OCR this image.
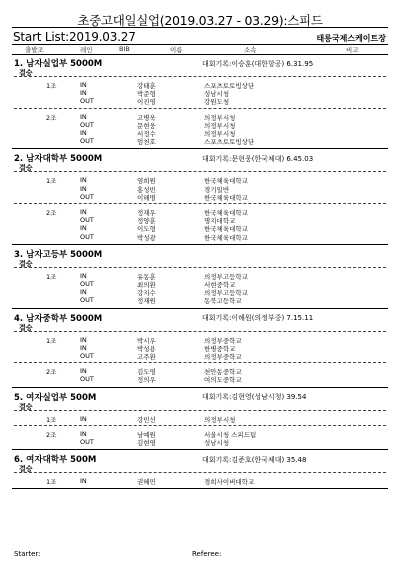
초중고대일실업(2019.03.27 - 03.29):스피드
Start List:2019.03.27	태릉국제스케이트장
출발조	레인	BIB	이름	소속	비고
1. 남자실업부 5000M	대회기록:이승훈(대한항공) 6.31.95
결승
1조	IN	강태훈	스포츠토토빙상단
IN	박준형	성남시청
OUT	이진영	강원도청
2조	IN	고병욱	의정부시청
OUT	문현웅	의정부시청
IN	서정수	의정부시청
OUT	엄천호	스포츠토토빙상단
2. 남자대학부 5000M	대회기록:문현웅(한국체대) 6.45.03
결승
1조	IN	염희원	한국체육대학교
IN	홍성빈	경기일반
OUT	이해명	한국체육대학교
2조	IN	정재우	한국체육대학교
OUT	정양훈	명지대학교
IN	이도형	한국체육대학교
OUT	박성광	한국체육대학교
3. 남자고등부 5000M
결승
1조	IN	유동훈	의정부고등학교
OUT	최의환	서현중학교
IN	강지수	의정부고등학교
OUT	정재원	동북고등학교
4. 남자중학부 5000M	대회기록:이해원(의정부중) 7.15.11
결승
1조	IN	박시우	의정부중학교
IN	박성용	한병중학교
OUT	고주환	의정부중학교
2조	IN	김도영	천안동중학교
OUT	정의우	여의도중학교
5. 여자실업부 500M	대회기록:김현영(성남시청) 39.54
결승
1조	IN	강민선	의정부시청
2조	IN	남예원	서울시청 스피드팀
OUT	김현영	성남시청
6. 여자대학부 500M	대회기록:김준호(한국체대) 35.48
결승
1조	IN	권혜민	경희사이버대학교
Starter:	Referee:
